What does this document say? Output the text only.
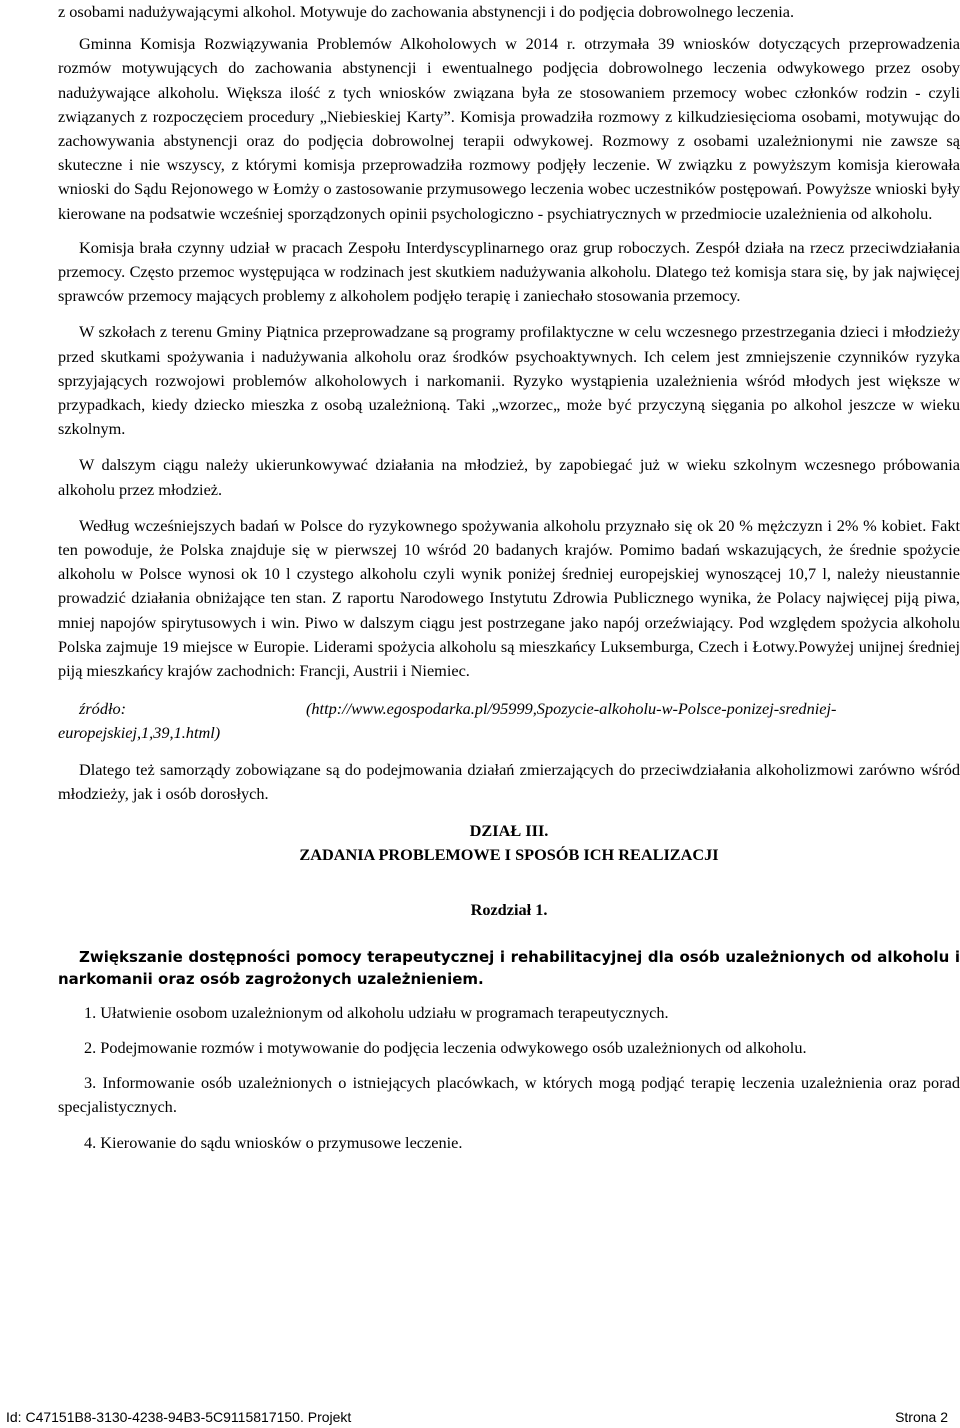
z osobami nadużywającymi alkohol. Motywuje do zachowania abstynencji i do podjęcia dobrowolnego leczenia.

Gminna Komisja Rozwiązywania Problemów Alkoholowych w 2014 r. otrzymała 39 wniosków dotyczących przeprowadzenia rozmów motywujących do zachowania abstynencji i ewentualnego podjęcia dobrowolnego leczenia odwykowego przez osoby nadużywające alkoholu. Większa ilość z tych wniosków związana była ze stosowaniem przemocy wobec członków rodzin - czyli związanych z rozpoczęciem procedury „Niebieskiej Karty”. Komisja prowadziła rozmowy z kilkudziesięcioma osobami, motywując do zachowywania abstynencji oraz do podjęcia dobrowolnej terapii odwykowej. Rozmowy z osobami uzależnionymi nie zawsze są skuteczne i nie wszyscy, z którymi komisja przeprowadziła rozmowy podjęły leczenie. W związku z powyższym komisja kierowała wnioski do Sądu Rejonowego w Łomży o zastosowanie przymusowego leczenia wobec uczestników postępowań. Powyższe wnioski były kierowane na podsatwie wcześniej sporządzonych opinii psychologiczno - psychiatrycznych w przedmiocie uzależnienia od alkoholu.

Komisja brała czynny udział w pracach Zespołu Interdyscyplinarnego oraz grup roboczych. Zespół działa na rzecz przeciwdziałania przemocy. Często przemoc występująca w rodzinach jest skutkiem nadużywania alkoholu. Dlatego też komisja stara się, by jak najwięcej sprawców przemocy mających problemy z alkoholem podjęło terapię i zaniechało stosowania przemocy.

W szkołach z terenu Gminy Piątnica przeprowadzane są programy profilaktyczne w celu wczesnego przestrzegania dzieci i młodzieży przed skutkami spożywania i nadużywania alkoholu oraz środków psychoaktywnych. Ich celem jest zmniejszenie czynników ryzyka sprzyjających rozwojowi problemów alkoholowych i narkomanii. Ryzyko wystąpienia uzależnienia wśród młodych jest większe w przypadkach, kiedy dziecko mieszka z osobą uzależnioną. Taki „wzorzec„ może być przyczyną sięgania po alkohol jeszcze w wieku szkolnym.

W dalszym ciągu należy ukierunkowywać działania na młodzież, by zapobiegać już w wieku szkolnym wczesnego próbowania alkoholu przez młodzież.

Według wcześniejszych badań w Polsce do ryzykownego spożywania alkoholu przyznało się ok 20 % mężczyzn i 2% % kobiet. Fakt ten powoduje, że Polska znajduje się w pierwszej 10 wśród 20 badanych krajów. Pomimo badań wskazujących, że średnie spożycie alkoholu w Polsce wynosi ok 10 l czystego alkoholu czyli wynik poniżej średniej europejskiej wynoszącej 10,7 l, należy nieustannie prowadzić działania obniżające ten stan. Z raportu Narodowego Instytutu Zdrowia Publicznego wynika, że Polacy najwięcej piją piwa, mniej napojów spirytusowych i win. Piwo w dalszym ciągu jest postrzegane jako napój orzeźwiający. Pod względem spożycia alkoholu Polska zajmuje 19 miejsce w Europie. Liderami spożycia alkoholu są mieszkańcy Luksemburga, Czech i Łotwy.Powyżej unijnej średniej piją mieszkańcy krajów zachodnich: Francji, Austrii i Niemiec.

źródło:	(http://www.egospodarka.pl/95999,Spozycie-alkoholu-w-Polsce-ponizej-sredniej-europejskiej,1,39,1.html)

Dlatego też samorządy zobowiązane są do podejmowania działań zmierzających do przeciwdziałania alkoholizmowi zarówno wśród młodzieży, jak i osób dorosłych.

DZIAŁ III.
ZADANIA PROBLEMOWE I SPOSÓB ICH REALIZACJI
Rozdział 1.

Zwiększanie dostępności pomocy terapeutycznej i rehabilitacyjnej dla osób uzależnionych od alkoholu i narkomanii oraz osób zagrożonych uzależnieniem.

1. Ułatwienie osobom uzależnionym od alkoholu udziału w programach terapeutycznych.

2. Podejmowanie rozmów i motywowanie do podjęcia leczenia odwykowego osób uzależnionych od alkoholu.

3. Informowanie osób uzależnionych o istniejących placówkach, w których mogą podjąć terapię leczenia uzależnienia oraz porad specjalistycznych.

4. Kierowanie do sądu wniosków o przymusowe leczenie.

Id: C47151B8-3130-4238-94B3-5C9115817150. Projekt	Strona 2
